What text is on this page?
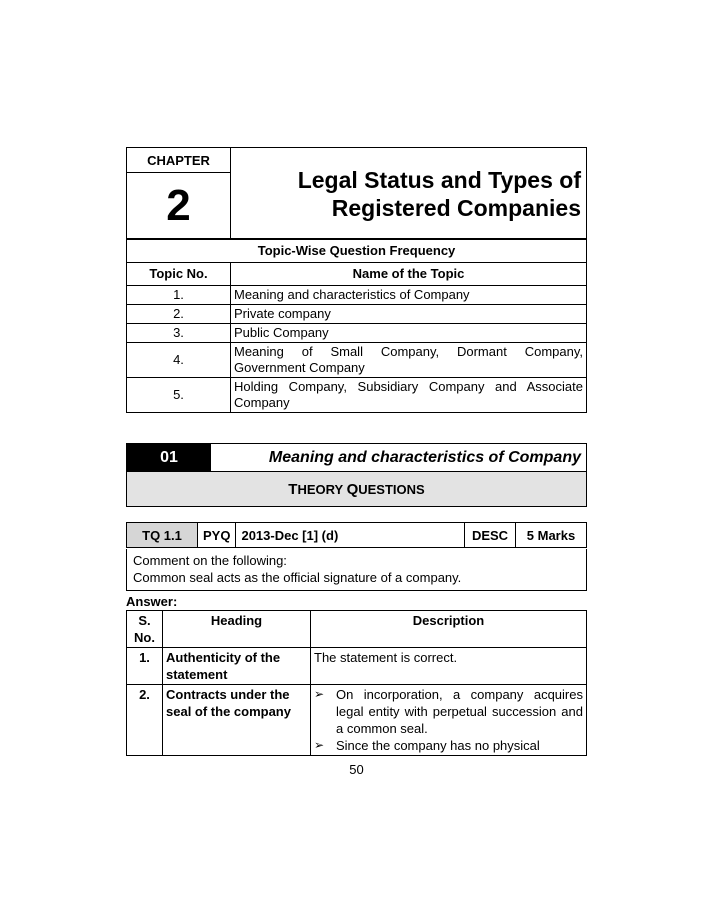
CHAPTER
2
Legal Status and Types of
Registered Companies
Topic-Wise Question Frequency	
Topic No.	Name of the Topic
1.	Meaning and characteristics of Company
2.	Private company
3.	Public Company
4.	Meaning of Small Company, Dormant Company, Government Company
5.	Holding Company, Subsidiary Company and Associate Company
01	Meaning and characteristics of Company
THEORY QUESTIONS
TQ 1.1	PYQ	2013-Dec [1] (d)	DESC	5 Marks
Comment on the following:
Common seal acts as the official signature of a company.
Answer:
S. No.	Heading	Description
1.	Authenticity of the statement	The statement is correct.
2.	Contracts under the seal of the company	➢ On incorporation, a company acquires legal entity with perpetual succession and a common seal.
➢ Since the company has no physical
50
